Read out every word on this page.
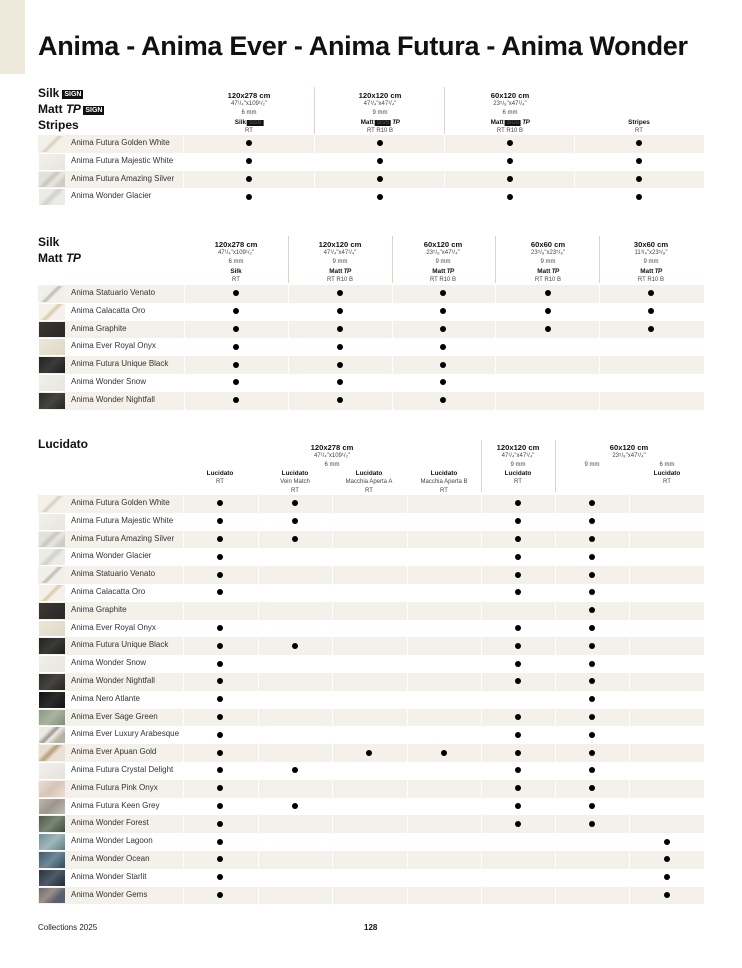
Anima - Anima Ever - Anima Futura - Anima Wonder
Silk SIGN
Matt TP SIGN
Stripes
Anima Futura Golden White
Anima Futura Majestic White
Anima Futura Amazing Silver
Anima Wonder Glacier
120x278 cm
47¹/₄"x109¹/₂"
6 mm
Silk SIGN
RT
120x120 cm
47¹/₄"x47¹/₄"
9 mm
Matt SIGN TP
RT R10 B
60x120 cm
23⁵/₈"x47¹/₄"
6 mm
Matt SIGN TP
RT R10 B
Stripes
RT
Silk
Matt TP
Anima Statuario Venato
Anima Calacatta Oro
Anima Graphite
Anima Ever Royal Onyx
Anima Futura Unique Black
Anima Wonder Snow
Anima Wonder Nightfall
120x278 cm
47¹/₄"x109¹/₂"
6 mm
Silk
RT
120x120 cm
47¹/₄"x47¹/₄"
9 mm
Matt TP
RT R10 B
60x120 cm
23⁵/₈"x47¹/₄"
9 mm
Matt TP
RT R10 B
60x60 cm
23⁵/₈"x23⁵/₈"
9 mm
Matt TP
RT R10 B
30x60 cm
11³/₄"x23⁵/₈"
9 mm
Matt TP
RT R10 B
Lucidato
Anima Futura Golden White
Anima Futura Majestic White
Anima Futura Amazing Silver
Anima Wonder Glacier
Anima Statuario Venato
Anima Calacatta Oro
Anima Graphite
Anima Ever Royal Onyx
Anima Futura Unique Black
Anima Wonder Snow
Anima Wonder Nightfall
Anima Nero Atlante
Anima Ever Sage Green
Anima Ever Luxury Arabesque
Anima Ever Apuan Gold
Anima Futura Crystal Delight
Anima Futura Pink Onyx
Anima Futura Keen Grey
Anima Wonder Forest
Anima Wonder Lagoon
Anima Wonder Ocean
Anima Wonder Starlit
Anima Wonder Gems
120x278 cm
47¹/₄"x109¹/₂"
6 mm
120x120 cm
47¹/₄"x47¹/₄"
9 mm
60x120 cm
23⁵/₈"x47¹/₄"
9 mm	6 mm
Lucidato
RT
Lucidato
Vein Match
RT
Lucidato
Macchia Aperta A
RT
Lucidato
Macchia Aperta B
RT
Lucidato
RT
Lucidato
RT
Collections 2025	128
